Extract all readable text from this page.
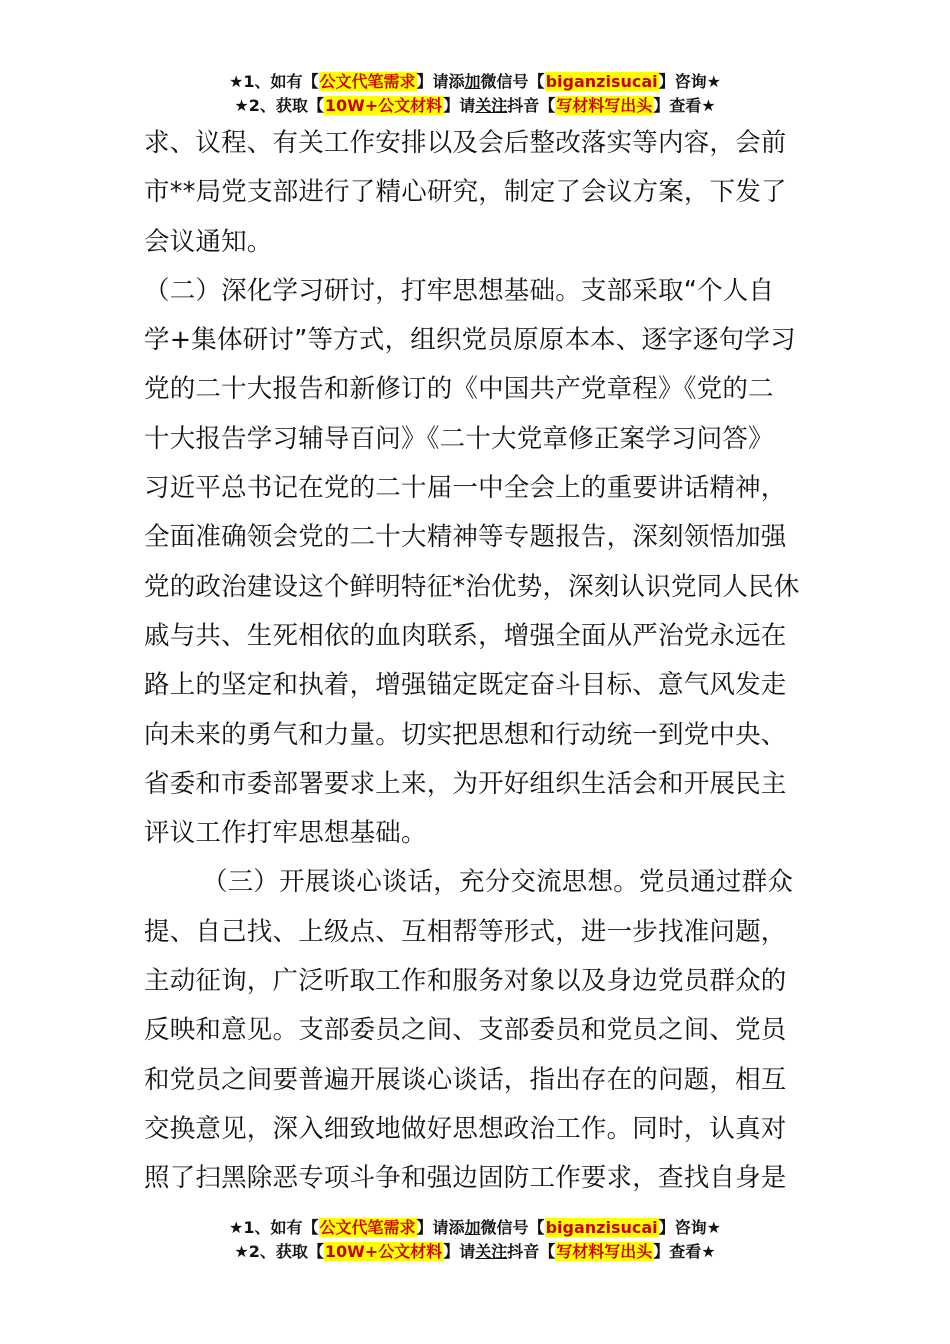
★1、如有【公文代笔需求】请添加微信号【biganzisucai】咨询★
★2、获取【10W+公文材料】请关注抖音【写材料写出头】查看★
求、议程、有关工作安排以及会后整改落实等内容，会前
市**局党支部进行了精心研究，制定了会议方案，下发了
会议通知。
（二）深化学习研讨，打牢思想基础。支部采取“个人自
学+集体研讨”等方式，组织党员原原本本、逐字逐句学习
党的二十大报告和新修订的《中国共产党章程》《党的二
十大报告学习辅导百问》《二十大党章修正案学习问答》
习近平总书记在党的二十届一中全会上的重要讲话精神，
全面准确领会党的二十大精神等专题报告，深刻领悟加强
党的政治建设这个鲜明特征*治优势，深刻认识党同人民休
戚与共、生死相依的血肉联系，增强全面从严治党永远在
路上的坚定和执着，增强锚定既定奋斗目标、意气风发走
向未来的勇气和力量。切实把思想和行动统一到党中央、
省委和市委部署要求上来，为开好组织生活会和开展民主
评议工作打牢思想基础。
（三）开展谈心谈话，充分交流思想。党员通过群众
提、自己找、上级点、互相帮等形式，进一步找准问题，
主动征询，广泛听取工作和服务对象以及身边党员群众的
反映和意见。支部委员之间、支部委员和党员之间、党员
和党员之间要普遍开展谈心谈话，指出存在的问题，相互
交换意见，深入细致地做好思想政治工作。同时，认真对
照了扫黑除恶专项斗争和强边固防工作要求，查找自身是
★1、如有【公文代笔需求】请添加微信号【biganzisucai】咨询★
★2、获取【10W+公文材料】请关注抖音【写材料写出头】查看★
